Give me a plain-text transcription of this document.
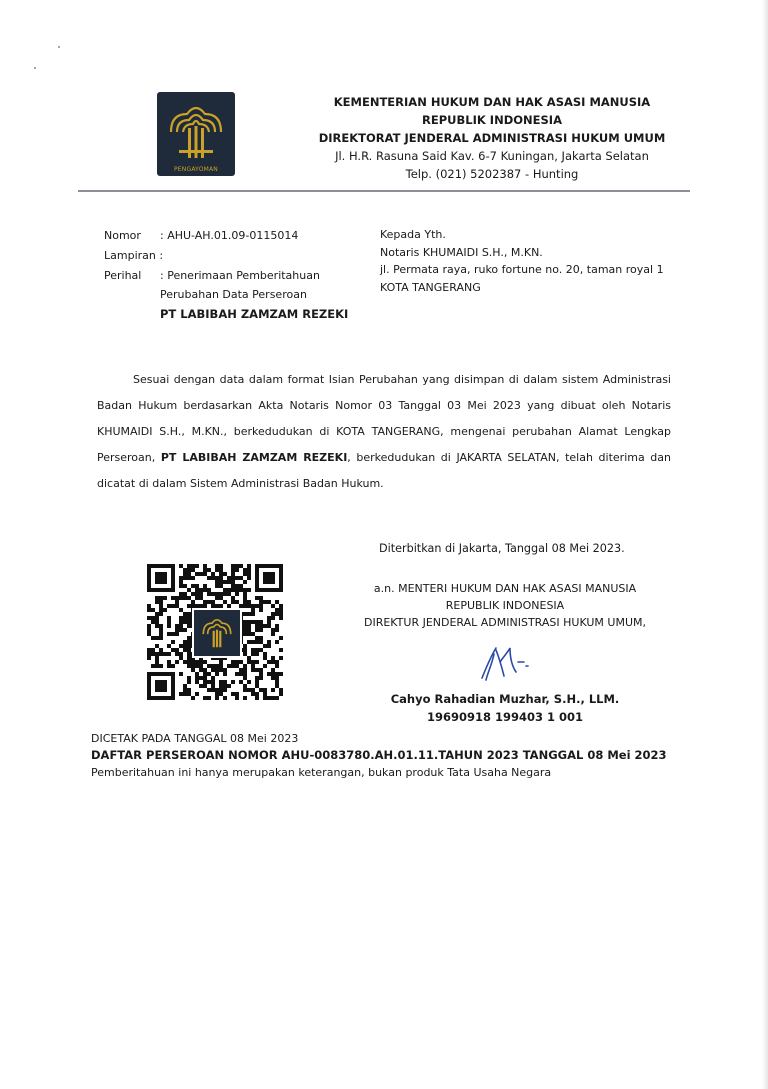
PENGAYOMAN
KEMENTERIAN HUKUM DAN HAK ASASI MANUSIA
REPUBLIK INDONESIA
DIREKTORAT JENDERAL ADMINISTRASI HUKUM UMUM
Jl. H.R. Rasuna Said Kav. 6-7 Kuningan, Jakarta Selatan
Telp. (021) 5202387 - Hunting
Nomor	: AHU-AH.01.09-0115014
Lampiran :
Perihal	: Penerimaan Pemberitahuan
Perubahan Data Perseroan
PT LABIBAH ZAMZAM REZEKI
Kepada Yth.
Notaris KHUMAIDI S.H., M.KN.
jl. Permata raya, ruko fortune no. 20, taman royal 1
KOTA TANGERANG

Sesuai dengan data dalam format Isian Perubahan yang disimpan di dalam sistem Administrasi Badan Hukum berdasarkan Akta Notaris Nomor 03 Tanggal 03 Mei 2023 yang dibuat oleh Notaris KHUMAIDI S.H., M.KN., berkedudukan di KOTA TANGERANG, mengenai perubahan Alamat Lengkap Perseroan, PT LABIBAH ZAMZAM REZEKI, berkedudukan di JAKARTA SELATAN, telah diterima dan dicatat di dalam Sistem Administrasi Badan Hukum.

Diterbitkan di Jakarta, Tanggal 08 Mei 2023.
a.n. MENTERI HUKUM DAN HAK ASASI MANUSIA
REPUBLIK INDONESIA
DIREKTUR JENDERAL ADMINISTRASI HUKUM UMUM,
Cahyo Rahadian Muzhar, S.H., LLM.
19690918 199403 1 001
DICETAK PADA TANGGAL 08 Mei 2023
DAFTAR PERSEROAN NOMOR AHU-0083780.AH.01.11.TAHUN 2023 TANGGAL 08 Mei 2023
Pemberitahuan ini hanya merupakan keterangan, bukan produk Tata Usaha Negara
